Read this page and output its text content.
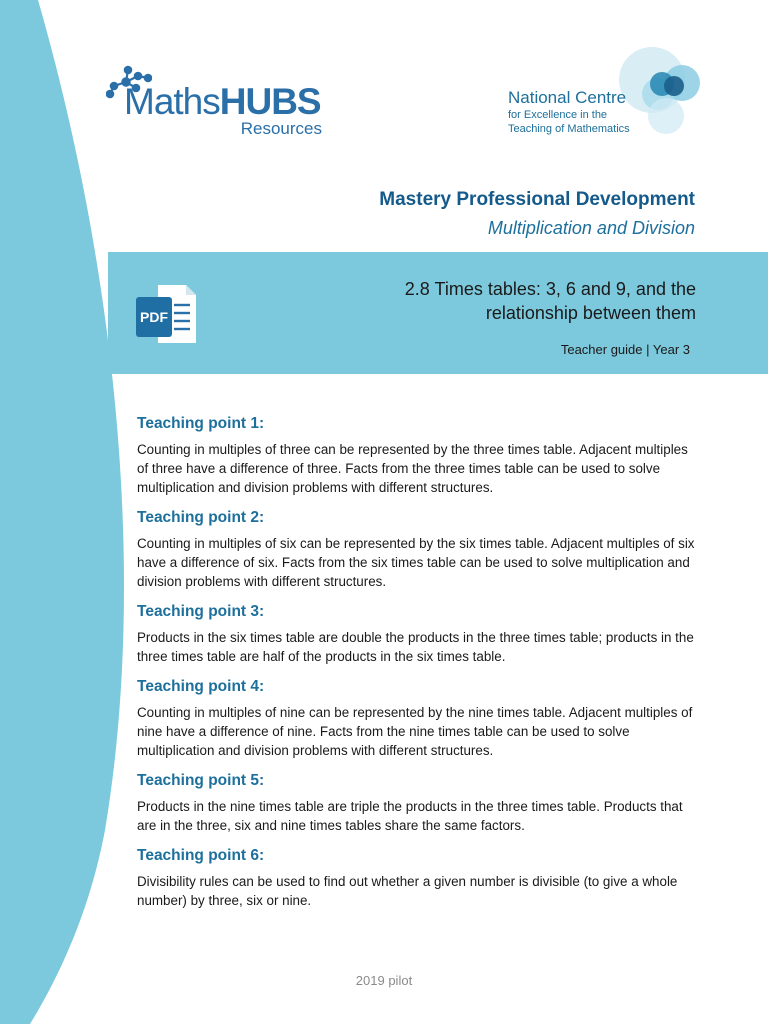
MathsHUBS
Resources
National Centre
for Excellence in the
Teaching of Mathematics
Mastery Professional Development
Multiplication and Division
PDF
2.8 Times tables: 3, 6 and 9, and the relationship between them
Teacher guide | Year 3

Teaching point 1:

Counting in multiples of three can be represented by the three times table. Adjacent multiples of three have a difference of three. Facts from the three times table can be used to solve multiplication and division problems with different structures.

Teaching point 2:

Counting in multiples of six can be represented by the six times table. Adjacent multiples of six have a difference of six. Facts from the six times table can be used to solve multiplication and division problems with different structures.

Teaching point 3:

Products in the six times table are double the products in the three times table; products in the three times table are half of the products in the six times table.

Teaching point 4:

Counting in multiples of nine can be represented by the nine times table. Adjacent multiples of nine have a difference of nine. Facts from the nine times table can be used to solve multiplication and division problems with different structures.

Teaching point 5:

Products in the nine times table are triple the products in the three times table. Products that are in the three, six and nine times tables share the same factors.

Teaching point 6:

Divisibility rules can be used to find out whether a given number is divisible (to give a whole number) by three, six or nine.

2019 pilot
